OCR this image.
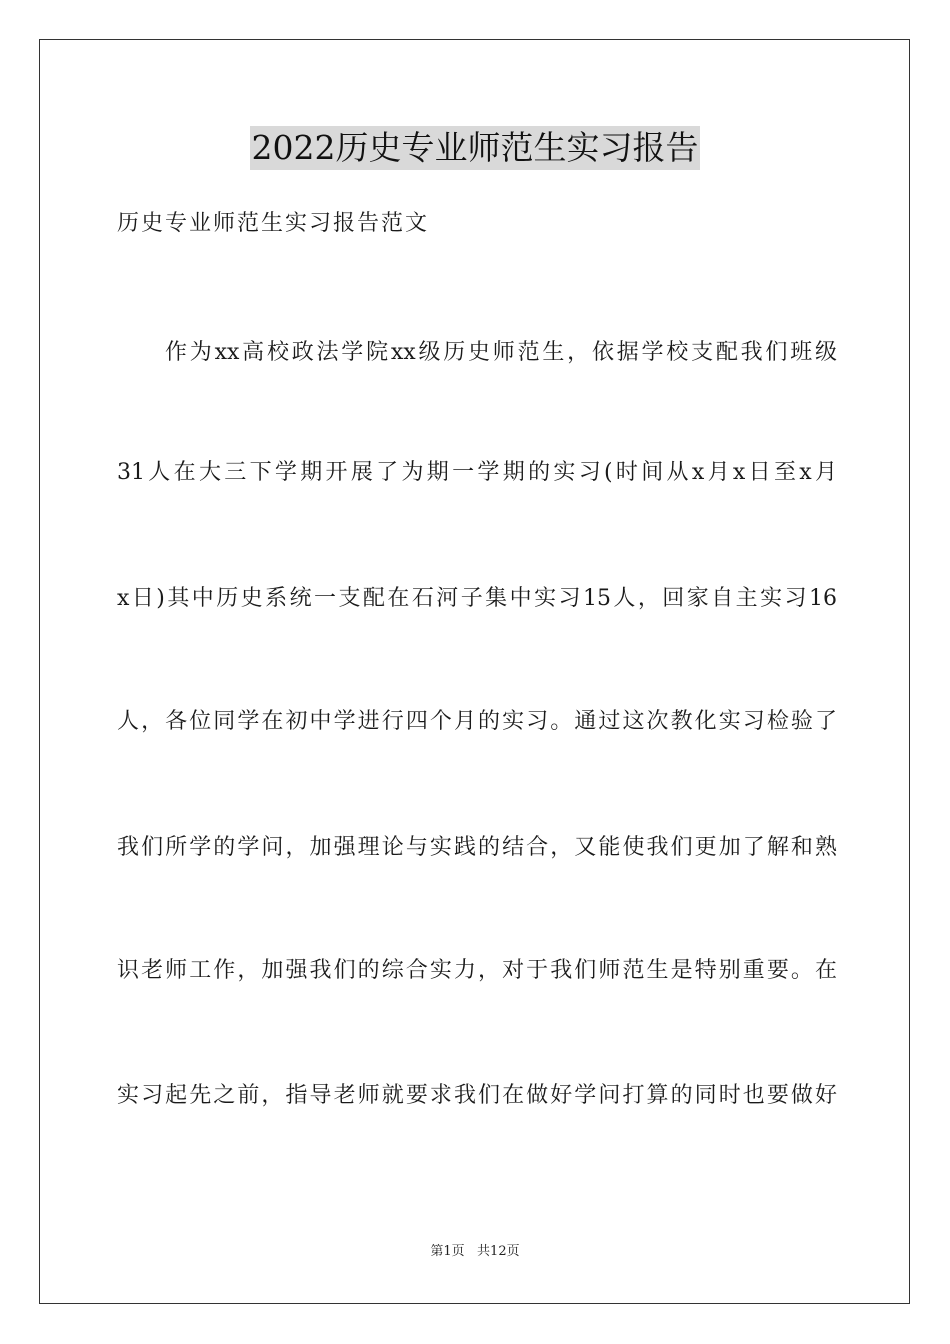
2022历史专业师范生实习报告
历史专业师范生实习报告范文
作为xx高校政法学院xx级历史师范生，依据学校支配我们班级
31人在大三下学期开展了为期一学期的实习(时间从x月x日至x月
x日)其中历史系统一支配在石河子集中实习15人，回家自主实习16
人，各位同学在初中学进行四个月的实习。通过这次教化实习检验了
我们所学的学问，加强理论与实践的结合，又能使我们更加了解和熟
识老师工作，加强我们的综合实力，对于我们师范生是特别重要。在
实习起先之前，指导老师就要求我们在做好学问打算的同时也要做好
第1页   共12页
